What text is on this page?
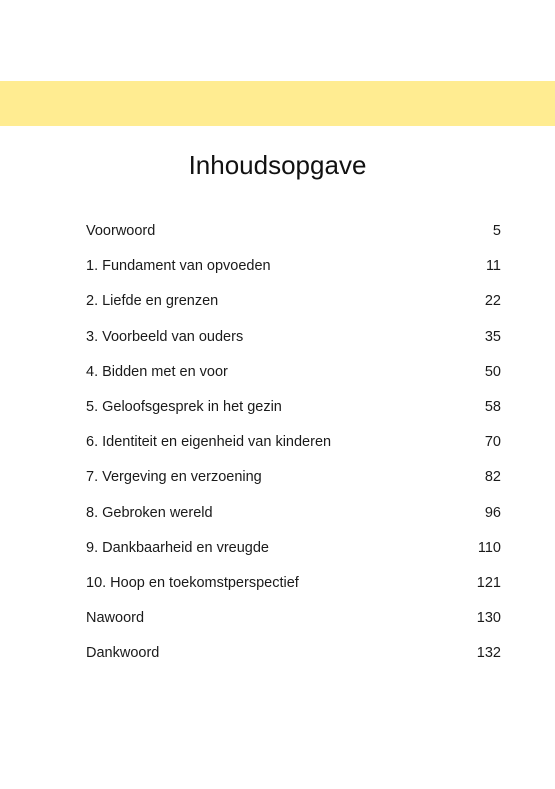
Inhoudsopgave
Voorwoord	5
1. Fundament van opvoeden	11
2. Liefde en grenzen	22
3. Voorbeeld van ouders	35
4. Bidden met en voor	50
5. Geloofsgesprek in het gezin	58
6. Identiteit en eigenheid van kinderen	70
7. Vergeving en verzoening	82
8. Gebroken wereld	96
9. Dankbaarheid en vreugde	110
10. Hoop en toekomstperspectief	121
Nawoord	130
Dankwoord	132
